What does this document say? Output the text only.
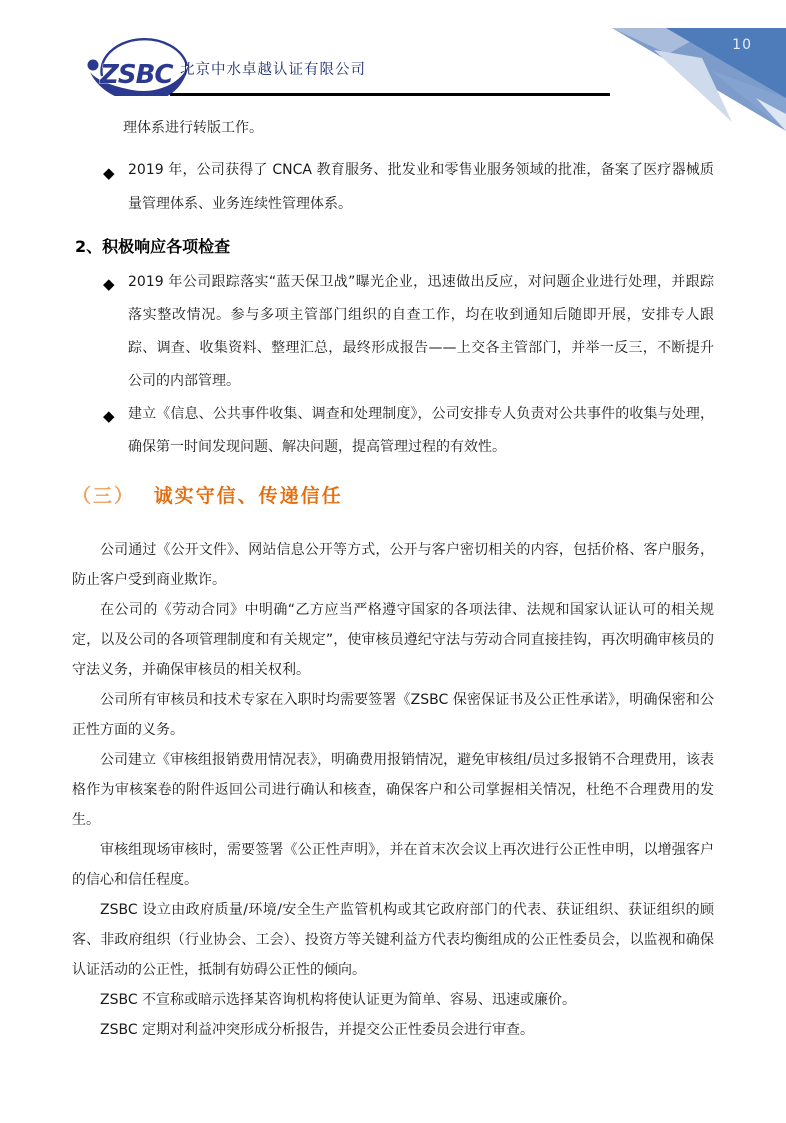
ZSBC 北京中水卓越认证有限公司
10

理体系进行转版工作。

◆ 2019 年，公司获得了 CNCA 教育服务、批发业和零售业服务领域的批准，备案了医疗器械质量管理体系、业务连续性管理体系。
2、积极响应各项检查
◆ 2019 年公司跟踪落实“蓝天保卫战”曝光企业，迅速做出反应，对问题企业进行处理，并跟踪落实整改情况。参与多项主管部门组织的自查工作，均在收到通知后随即开展，安排专人跟踪、调查、收集资料、整理汇总，最终形成报告——上交各主管部门，并举一反三，不断提升公司的内部管理。
◆ 建立《信息、公共事件收集、调查和处理制度》，公司安排专人负责对公共事件的收集与处理，确保第一时间发现问题、解决问题，提高管理过程的有效性。
（三） 诚实守信、传递信任

公司通过《公开文件》、网站信息公开等方式，公开与客户密切相关的内容，包括价格、客户服务，防止客户受到商业欺诈。

在公司的《劳动合同》中明确“乙方应当严格遵守国家的各项法律、法规和国家认证认可的相关规定，以及公司的各项管理制度和有关规定”，使审核员遵纪守法与劳动合同直接挂钩，再次明确审核员的守法义务，并确保审核员的相关权利。

公司所有审核员和技术专家在入职时均需要签署《ZSBC 保密保证书及公正性承诺》，明确保密和公正性方面的义务。

公司建立《审核组报销费用情况表》，明确费用报销情况，避免审核组/员过多报销不合理费用，该表格作为审核案卷的附件返回公司进行确认和核查，确保客户和公司掌握相关情况，杜绝不合理费用的发生。

审核组现场审核时，需要签署《公正性声明》，并在首末次会议上再次进行公正性申明，以增强客户的信心和信任程度。

ZSBC 设立由政府质量/环境/安全生产监管机构或其它政府部门的代表、获证组织、获证组织的顾客、非政府组织（行业协会、工会）、投资方等关键利益方代表均衡组成的公正性委员会，以监视和确保认证活动的公正性，抵制有妨碍公正性的倾向。

ZSBC 不宣称或暗示选择某咨询机构将使认证更为简单、容易、迅速或廉价。

ZSBC 定期对利益冲突形成分析报告，并提交公正性委员会进行审查。
